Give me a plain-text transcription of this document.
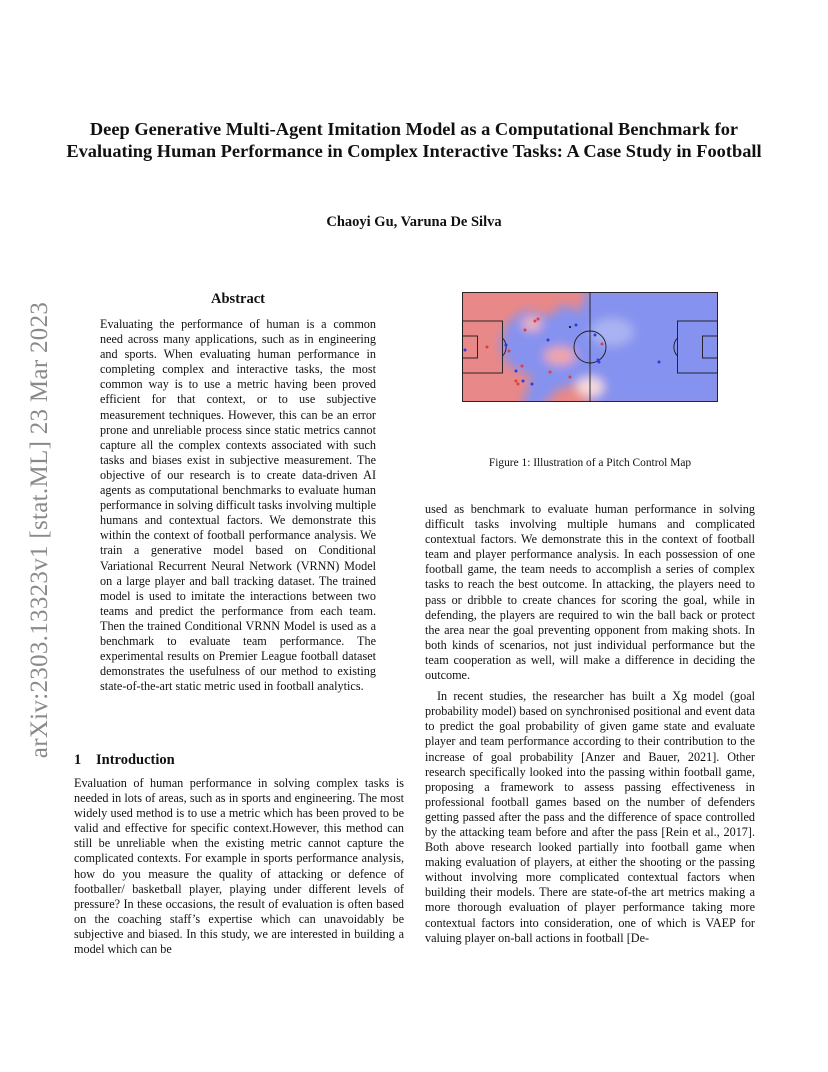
arXiv:2303.13323v1 [stat.ML] 23 Mar 2023
Deep Generative Multi-Agent Imitation Model as a Computational Benchmark for Evaluating Human Performance in Complex Interactive Tasks: A Case Study in Football
Chaoyi Gu, Varuna De Silva
Abstract

Evaluating the performance of human is a common need across many applications, such as in engineering and sports. When evaluating human performance in completing complex and interactive tasks, the most common way is to use a metric having been proved efficient for that context, or to use subjective measurement techniques. However, this can be an error prone and unreliable process since static metrics cannot capture all the complex contexts associated with such tasks and biases exist in subjective measurement. The objective of our research is to create data-driven AI agents as computational benchmarks to evaluate human performance in solving difficult tasks involving multiple humans and contextual factors. We demonstrate this within the context of football performance analysis. We train a generative model based on Conditional Variational Recurrent Neural Network (VRNN) Model on a large player and ball tracking dataset. The trained model is used to imitate the interactions between two teams and predict the performance from each team. Then the trained Conditional VRNN Model is used as a benchmark to evaluate team performance. The experimental results on Premier League football dataset demonstrates the usefulness of our method to existing state-of-the-art static metric used in football analytics.

1 Introduction

Evaluation of human performance in solving complex tasks is needed in lots of areas, such as in sports and engineering. The most widely used method is to use a metric which has been proved to be valid and effective for specific context.However, this method can still be unreliable when the existing metric cannot capture the complicated contexts. For example in sports performance analysis, how do you measure the quality of attacking or defence of footballer/ basketball player, playing under different levels of pressure? In these occasions, the result of evaluation is often based on the coaching staff’s expertise which can unavoidably be subjective and biased. In this study, we are interested in building a model which can be

Figure 1: Illustration of a Pitch Control Map

used as benchmark to evaluate human performance in solving difficult tasks involving multiple humans and complicated contextual factors. We demonstrate this in the context of football team and player performance analysis. In each possession of one football game, the team needs to accomplish a series of complex tasks to reach the best outcome. In attacking, the players need to pass or dribble to create chances for scoring the goal, while in defending, the players are required to win the ball back or protect the area near the goal preventing opponent from making shots. In both kinds of scenarios, not just individual performance but the team cooperation as well, will make a difference in deciding the outcome.

In recent studies, the researcher has built a Xg model (goal probability model) based on synchronised positional and event data to predict the goal probability of given game state and evaluate player and team performance according to their contribution to the increase of goal probability [Anzer and Bauer, 2021]. Other research specifically looked into the passing within football game, proposing a framework to assess passing effectiveness in professional football games based on the number of defenders getting passed after the pass and the difference of space controlled by the attacking team before and after the pass [Rein et al., 2017]. Both above research looked partially into football game when making evaluation of players, at either the shooting or the passing without involving more complicated contextual factors when building their models. There are state-of-the art metrics making a more thorough evaluation of player performance taking more contextual factors into consideration, one of which is VAEP for valuing player on-ball actions in football [De-
